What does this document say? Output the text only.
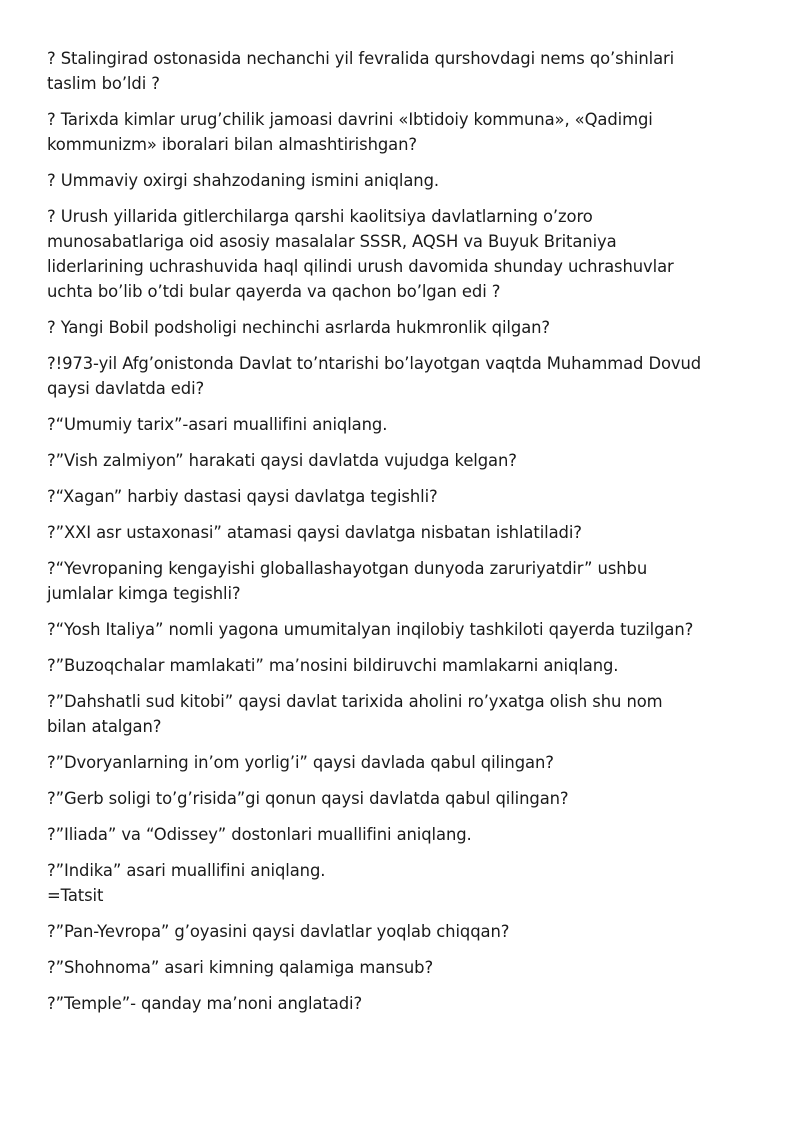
? Stalingirad ostonasida nechanchi yil fevralida qurshovdagi nems qo’shinlari
taslim bo’ldi ?
? Tarixda kimlar urug’chilik jamoasi davrini «Ibtidoiy kommuna», «Qadimgi
kommunizm» iboralari bilan almashtirishgan?
? Ummaviy oxirgi shahzodaning ismini aniqlang.
? Urush yillarida gitlerchilarga qarshi kaolitsiya davlatlarning o’zoro
munosabatlariga oid asosiy masalalar SSSR, AQSH va Buyuk Britaniya
liderlarining uchrashuvida haql qilindi urush davomida shunday uchrashuvlar
uchta bo’lib o’tdi bular qayerda va qachon bo’lgan edi ?
? Yangi Bobil podsholigi nechinchi asrlarda hukmronlik qilgan?
?!973-yil Afg’onistonda Davlat to’ntarishi bo’layotgan vaqtda Muhammad Dovud
qaysi davlatda edi?
?“Umumiy tarix”-asari muallifini aniqlang.
?”Vish zalmiyon” harakati qaysi davlatda vujudga kelgan?
?“Xagan” harbiy dastasi qaysi davlatga tegishli?
?”XXI asr ustaxonasi” atamasi qaysi davlatga nisbatan ishlatiladi?
?“Yevropaning kengayishi globallashayotgan dunyoda zaruriyatdir” ushbu
jumlalar kimga tegishli?
?“Yosh Italiya” nomli yagona umumitalyan inqilobiy tashkiloti qayerda tuzilgan?
?”Buzoqchalar mamlakati” ma’nosini bildiruvchi mamlakarni aniqlang.
?”Dahshatli sud kitobi” qaysi davlat tarixida aholini ro’yxatga olish shu nom
bilan atalgan?
?”Dvoryanlarning in’om yorlig’i” qaysi davlada qabul qilingan?
?”Gerb soligi to’g’risida”gi qonun qaysi davlatda qabul qilingan?
?”Iliada” va “Odissey” dostonlari muallifini aniqlang.
?”Indika” asari muallifini aniqlang.
=Tatsit
?”Pan-Yevropa” g’oyasini qaysi davlatlar yoqlab chiqqan?
?”Shohnoma” asari kimning qalamiga mansub?
?”Temple”- qanday ma’noni anglatadi?
